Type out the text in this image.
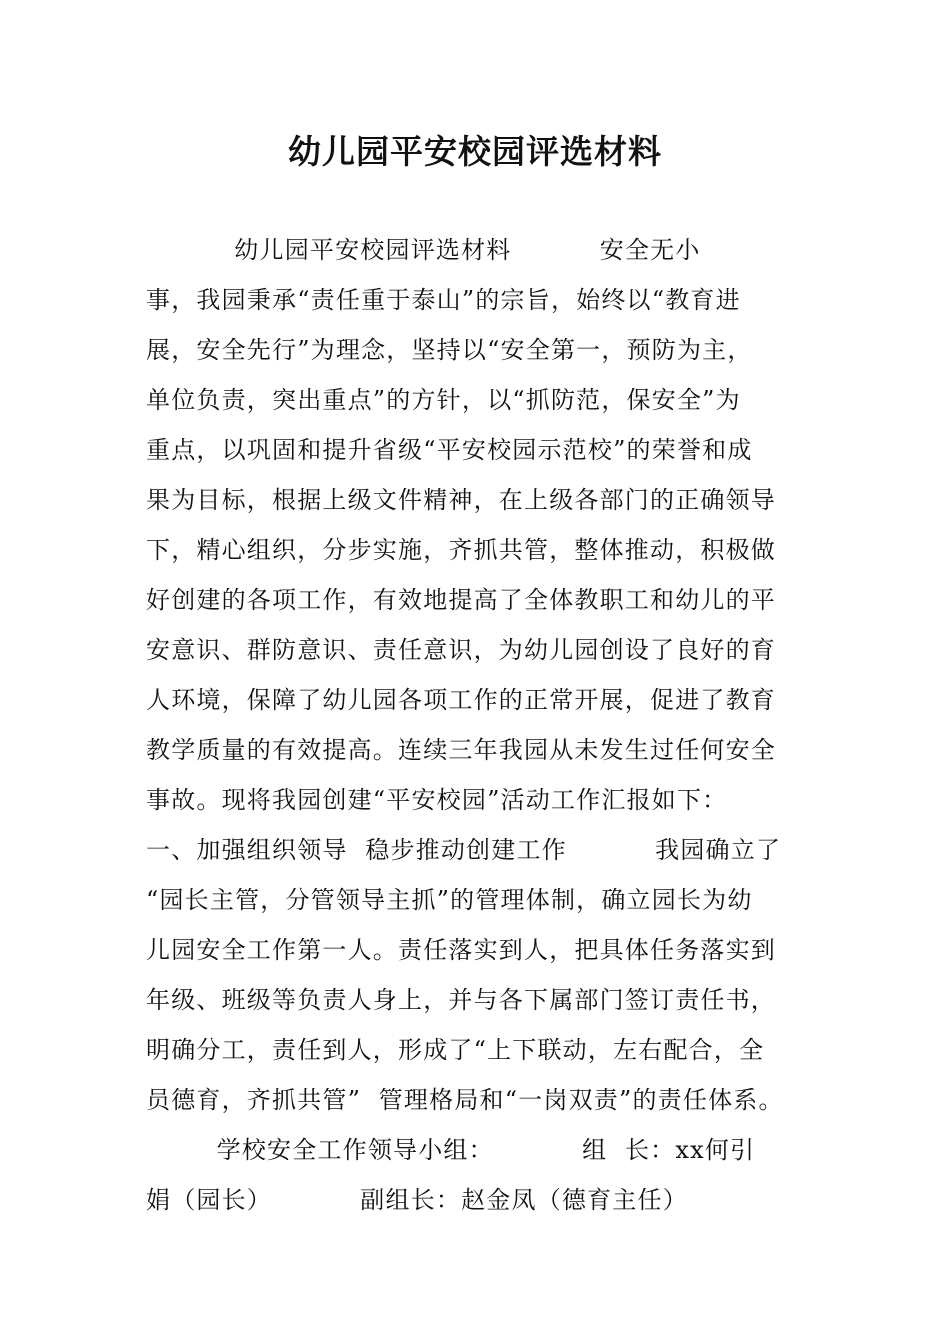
幼儿园平安校园评选材料
幼儿园平安校园评选材料          安全无小
事，我园秉承“责任重于泰山”的宗旨，始终以“教育进
展，安全先行”为理念，坚持以“安全第一，预防为主，
单位负责，突出重点”的方针，以“抓防范，保安全”为
重点，以巩固和提升省级“平安校园示范校”的荣誉和成
果为目标，根据上级文件精神，在上级各部门的正确领导
下，精心组织，分步实施，齐抓共管，整体推动，积极做
好创建的各项工作，有效地提高了全体教职工和幼儿的平
安意识、群防意识、责任意识，为幼儿园创设了良好的育
人环境，保障了幼儿园各项工作的正常开展，促进了教育
教学质量的有效提高。连续三年我园从未发生过任何安全
事故。现将我园创建“平安校园”活动工作汇报如下：
一、加强组织领导  稳步推动创建工作          我园确立了
“园长主管，分管领导主抓”的管理体制，确立园长为幼
儿园安全工作第一人。责任落实到人，把具体任务落实到
年级、班级等负责人身上，并与各下属部门签订责任书，
明确分工，责任到人，形成了“上下联动，左右配合，全
员德育，齐抓共管”  管理格局和“一岗双责”的责任体系。
学校安全工作领导小组：          组  长：xx何引
娟（园长）          副组长：赵金凤（德育主任）
